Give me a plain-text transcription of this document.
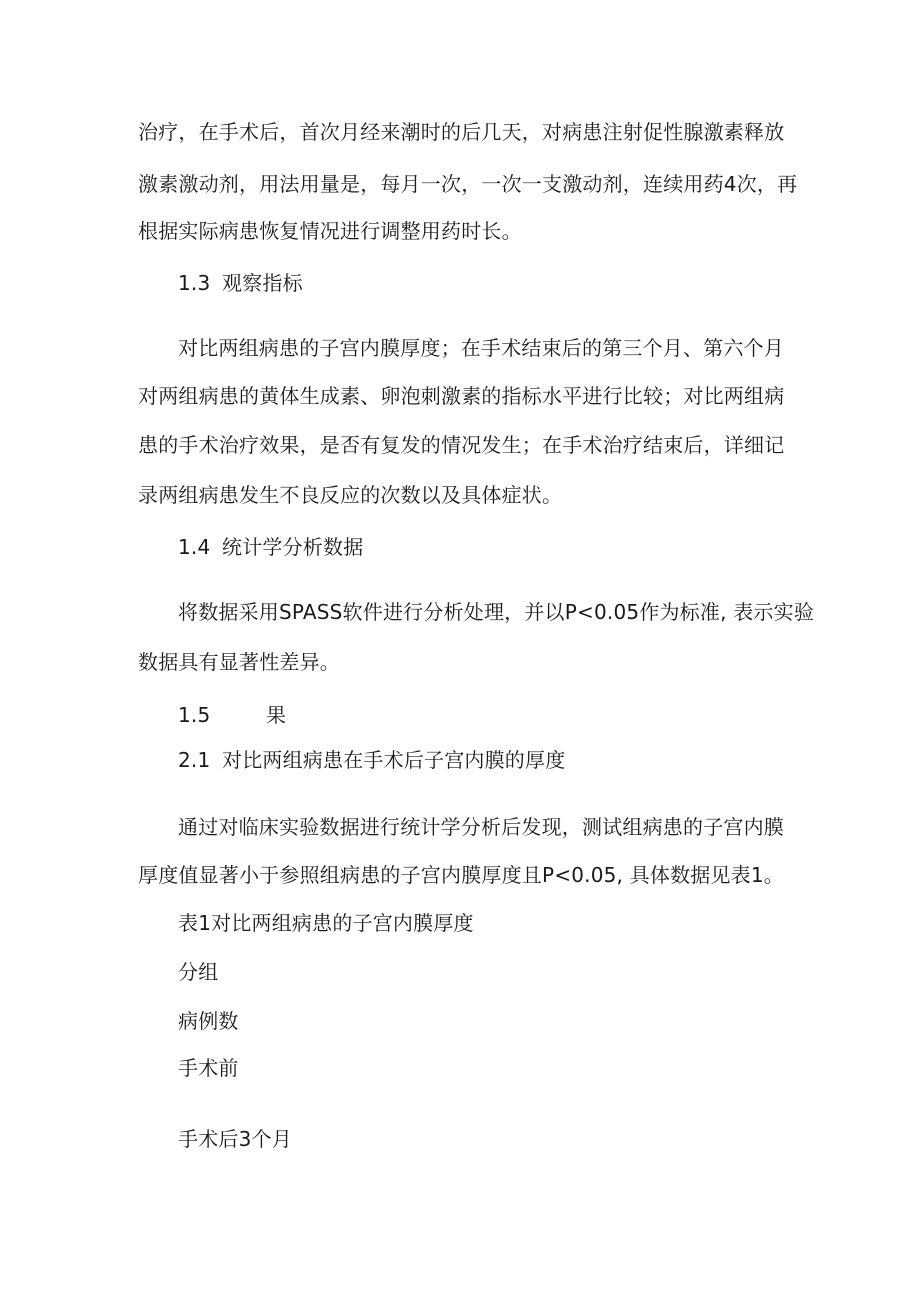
治疗，在手术后，首次月经来潮时的后几天，对病患注射促性腺激素释放
激素激动剂，用法用量是，每月一次，一次一支激动剂，连续用药4次，再
根据实际病患恢复情况进行调整用药时长。
1.3 观察指标
对比两组病患的子宫内膜厚度；在手术结束后的第三个月、第六个月
对两组病患的黄体生成素、卵泡刺激素的指标水平进行比较；对比两组病
患的手术治疗效果，是否有复发的情况发生；在手术治疗结束后，详细记
录两组病患发生不良反应的次数以及具体症状。
1.4 统计学分析数据
将数据采用SPASS软件进行分析处理，并以P<0.05作为标准, 表示实验
数据具有显著性差异。
1.5	果
2.1 对比两组病患在手术后子宫内膜的厚度
通过对临床实验数据进行统计学分析后发现，测试组病患的子宫内膜
厚度值显著小于参照组病患的子宫内膜厚度且P<0.05, 具体数据见表1。
表1对比两组病患的子宫内膜厚度
分组
病例数
手术前
手术后3个月
